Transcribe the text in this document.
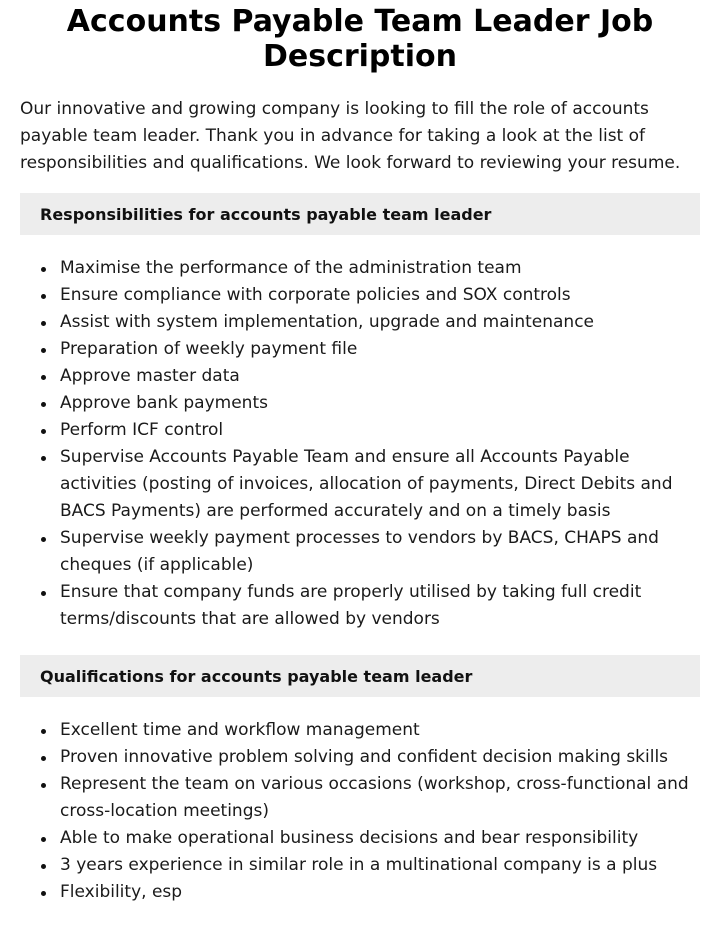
Accounts Payable Team Leader Job Description

Our innovative and growing company is looking to fill the role of accounts payable team leader. Thank you in advance for taking a look at the list of responsibilities and qualifications. We look forward to reviewing your resume.

Responsibilities for accounts payable team leader
Maximise the performance of the administration team
Ensure compliance with corporate policies and SOX controls
Assist with system implementation, upgrade and maintenance
Preparation of weekly payment file
Approve master data
Approve bank payments
Perform ICF control
Supervise Accounts Payable Team and ensure all Accounts Payable activities (posting of invoices, allocation of payments, Direct Debits and BACS Payments) are performed accurately and on a timely basis
Supervise weekly payment processes to vendors by BACS, CHAPS and cheques (if applicable)
Ensure that company funds are properly utilised by taking full credit terms/discounts that are allowed by vendors
Qualifications for accounts payable team leader
Excellent time and workflow management
Proven innovative problem solving and confident decision making skills
Represent the team on various occasions (workshop, cross-functional and cross-location meetings)
Able to make operational business decisions and bear responsibility
3 years experience in similar role in a multinational company is a plus
Flexibility, esp
